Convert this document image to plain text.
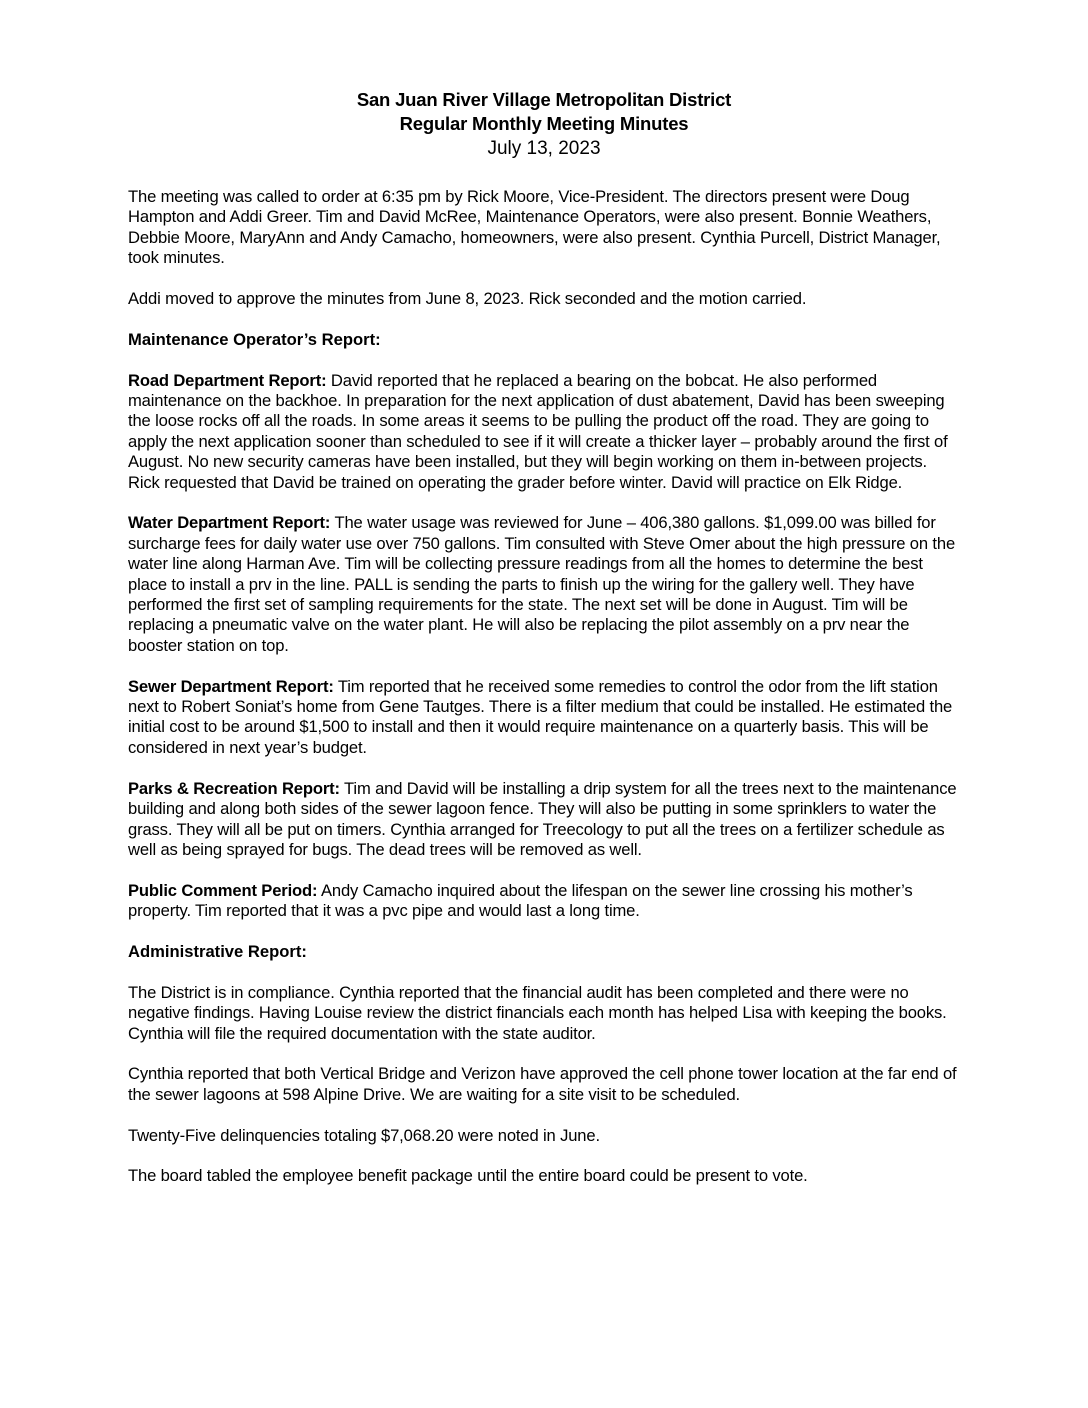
San Juan River Village Metropolitan District
Regular Monthly Meeting Minutes
July 13, 2023

The meeting was called to order at 6:35 pm by Rick Moore, Vice-President. The directors present were Doug Hampton and Addi Greer. Tim and David McRee, Maintenance Operators, were also present. Bonnie Weathers, Debbie Moore, MaryAnn and Andy Camacho, homeowners, were also present. Cynthia Purcell, District Manager, took minutes.

Addi moved to approve the minutes from June 8, 2023. Rick seconded and the motion carried.

Maintenance Operator’s Report:

Road Department Report: David reported that he replaced a bearing on the bobcat. He also performed maintenance on the backhoe. In preparation for the next application of dust abatement, David has been sweeping the loose rocks off all the roads. In some areas it seems to be pulling the product off the road. They are going to apply the next application sooner than scheduled to see if it will create a thicker layer – probably around the first of August. No new security cameras have been installed, but they will begin working on them in-between projects. Rick requested that David be trained on operating the grader before winter. David will practice on Elk Ridge.

Water Department Report: The water usage was reviewed for June – 406,380 gallons. $1,099.00 was billed for surcharge fees for daily water use over 750 gallons. Tim consulted with Steve Omer about the high pressure on the water line along Harman Ave. Tim will be collecting pressure readings from all the homes to determine the best place to install a prv in the line. PALL is sending the parts to finish up the wiring for the gallery well. They have performed the first set of sampling requirements for the state. The next set will be done in August. Tim will be replacing a pneumatic valve on the water plant. He will also be replacing the pilot assembly on a prv near the booster station on top.

Sewer Department Report: Tim reported that he received some remedies to control the odor from the lift station next to Robert Soniat’s home from Gene Tautges. There is a filter medium that could be installed. He estimated the initial cost to be around $1,500 to install and then it would require maintenance on a quarterly basis. This will be considered in next year’s budget.

Parks & Recreation Report: Tim and David will be installing a drip system for all the trees next to the maintenance building and along both sides of the sewer lagoon fence. They will also be putting in some sprinklers to water the grass. They will all be put on timers. Cynthia arranged for Treecology to put all the trees on a fertilizer schedule as well as being sprayed for bugs. The dead trees will be removed as well.

Public Comment Period: Andy Camacho inquired about the lifespan on the sewer line crossing his mother’s property. Tim reported that it was a pvc pipe and would last a long time.

Administrative Report:

The District is in compliance. Cynthia reported that the financial audit has been completed and there were no negative findings. Having Louise review the district financials each month has helped Lisa with keeping the books. Cynthia will file the required documentation with the state auditor.

Cynthia reported that both Vertical Bridge and Verizon have approved the cell phone tower location at the far end of the sewer lagoons at 598 Alpine Drive. We are waiting for a site visit to be scheduled.

Twenty-Five delinquencies totaling $7,068.20 were noted in June.

The board tabled the employee benefit package until the entire board could be present to vote.
